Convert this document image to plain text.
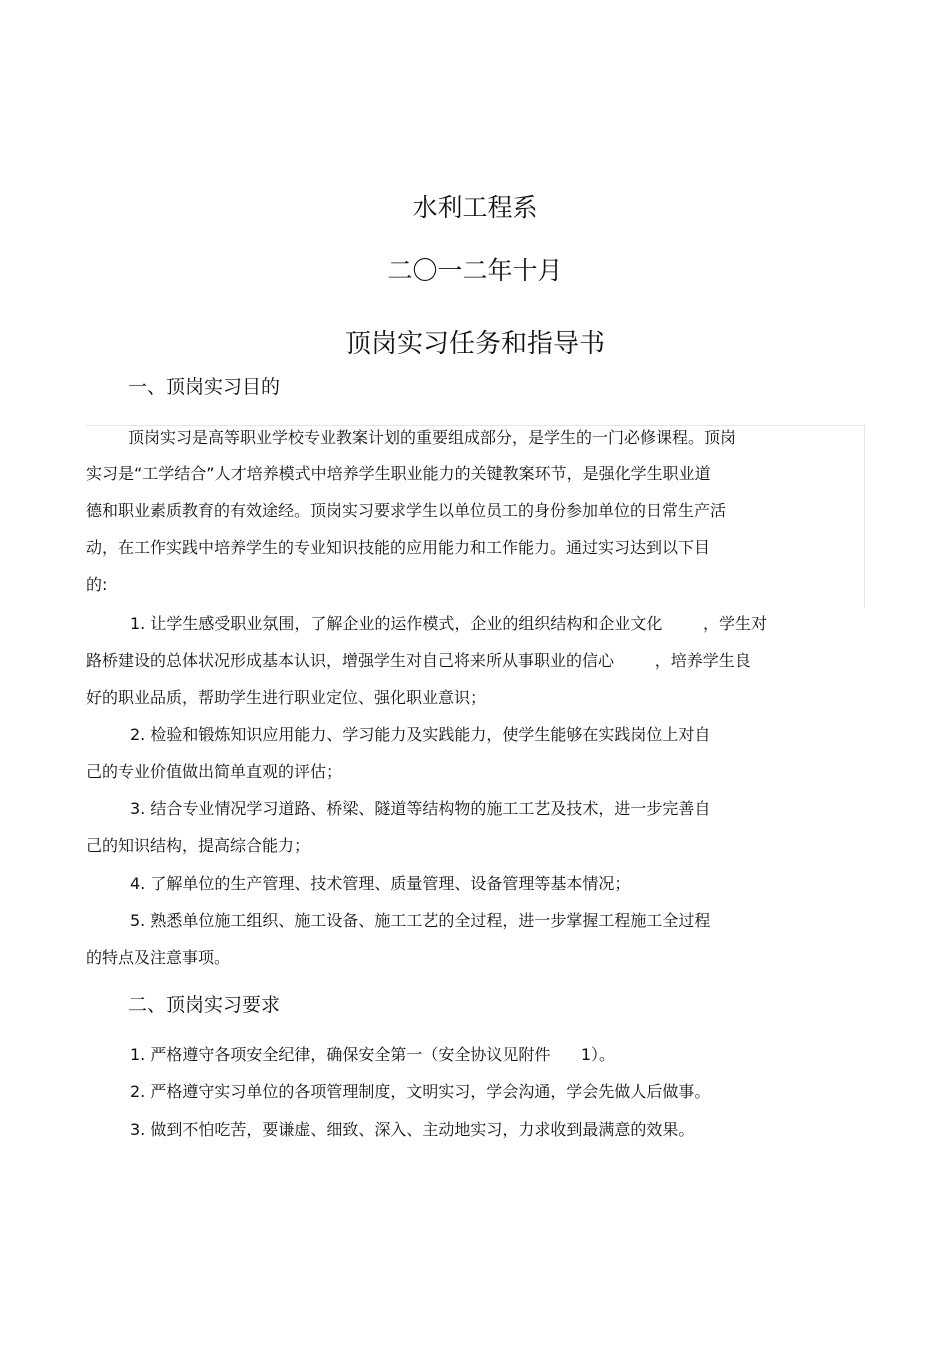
水利工程系
二〇一二年十月
顶岗实习任务和指导书
一、顶岗实习目的
顶岗实习是高等职业学校专业教案计划的重要组成部分，是学生的一门必修课程。顶岗
实习是“工学结合”人才培养模式中培养学生职业能力的关键教案环节，是强化学生职业道
德和职业素质教育的有效途经。顶岗实习要求学生以单位员工的身份参加单位的日常生产活
动，在工作实践中培养学生的专业知识技能的应用能力和工作能力。通过实习达到以下目
的:
1. 让学生感受职业氛围，了解企业的运作模式，企业的组织结构和企业文化        ，学生对
路桥建设的总体状况形成基本认识，增强学生对自己将来所从事职业的信心        ，培养学生良
好的职业品质，帮助学生进行职业定位、强化职业意识；
2. 检验和锻炼知识应用能力、学习能力及实践能力，使学生能够在实践岗位上对自
己的专业价值做出简单直观的评估；
3. 结合专业情况学习道路、桥梁、隧道等结构物的施工工艺及技术，进一步完善自
己的知识结构，提高综合能力；
4. 了解单位的生产管理、技术管理、质量管理、设备管理等基本情况；
5. 熟悉单位施工组织、施工设备、施工工艺的全过程，进一步掌握工程施工全过程
的特点及注意事项。
二、顶岗实习要求
1. 严格遵守各项安全纪律，确保安全第一（安全协议见附件      1）。
2. 严格遵守实习单位的各项管理制度，文明实习，学会沟通，学会先做人后做事。
3. 做到不怕吃苦，要谦虚、细致、深入、主动地实习，力求收到最满意的效果。
